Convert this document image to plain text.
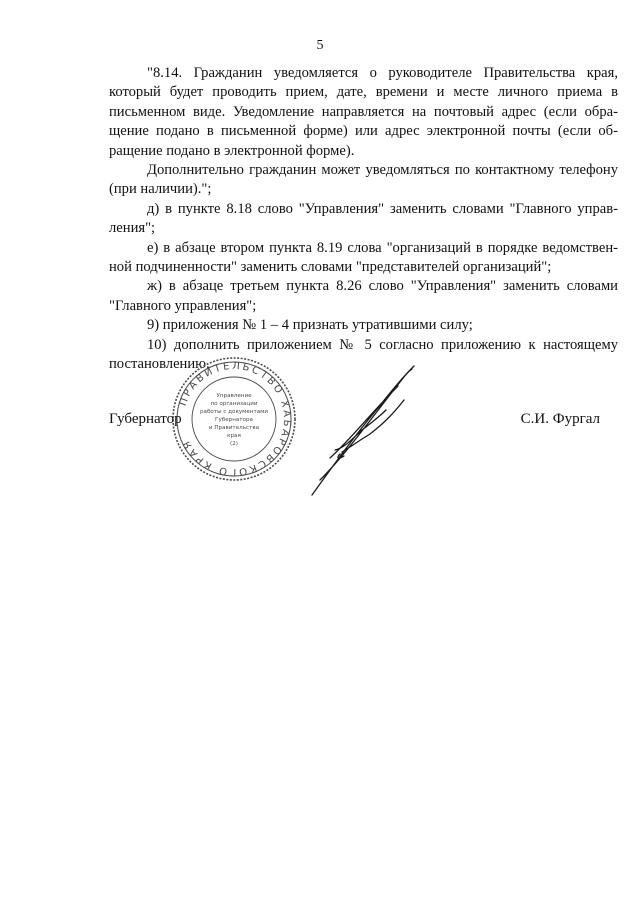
5

"8.14. Гражданин уведомляется о руководителе Правительства края, который будет проводить прием, дате, времени и месте личного приема в письменном виде. Уведомление направляется на почтовый адрес (если обращение подано в письменной форме) или адрес электронной почты (если обращение подано в электронной форме).

Дополнительно гражданин может уведомляться по контактному телефону (при наличии).";

д) в пункте 8.18 слово "Управления" заменить словами "Главного управления";

е) в абзаце втором пункта 8.19 слова "организаций в порядке ведомственной подчиненности" заменить словами "представителей организаций";

ж) в абзаце третьем пункта 8.26 слово "Управления" заменить словами "Главного управления";

9) приложения № 1 – 4 признать утратившими силу;

10) дополнить приложением № 5 согласно приложению к настоящему постановлению.

ПРАВИТЕЛЬСТВО ХАБАРОВСКОГО КРАЯ
Управление
по организации
работы с документами
Губернатора
и Правительства
края
(2)
Губернатор	С.И. Фургал
